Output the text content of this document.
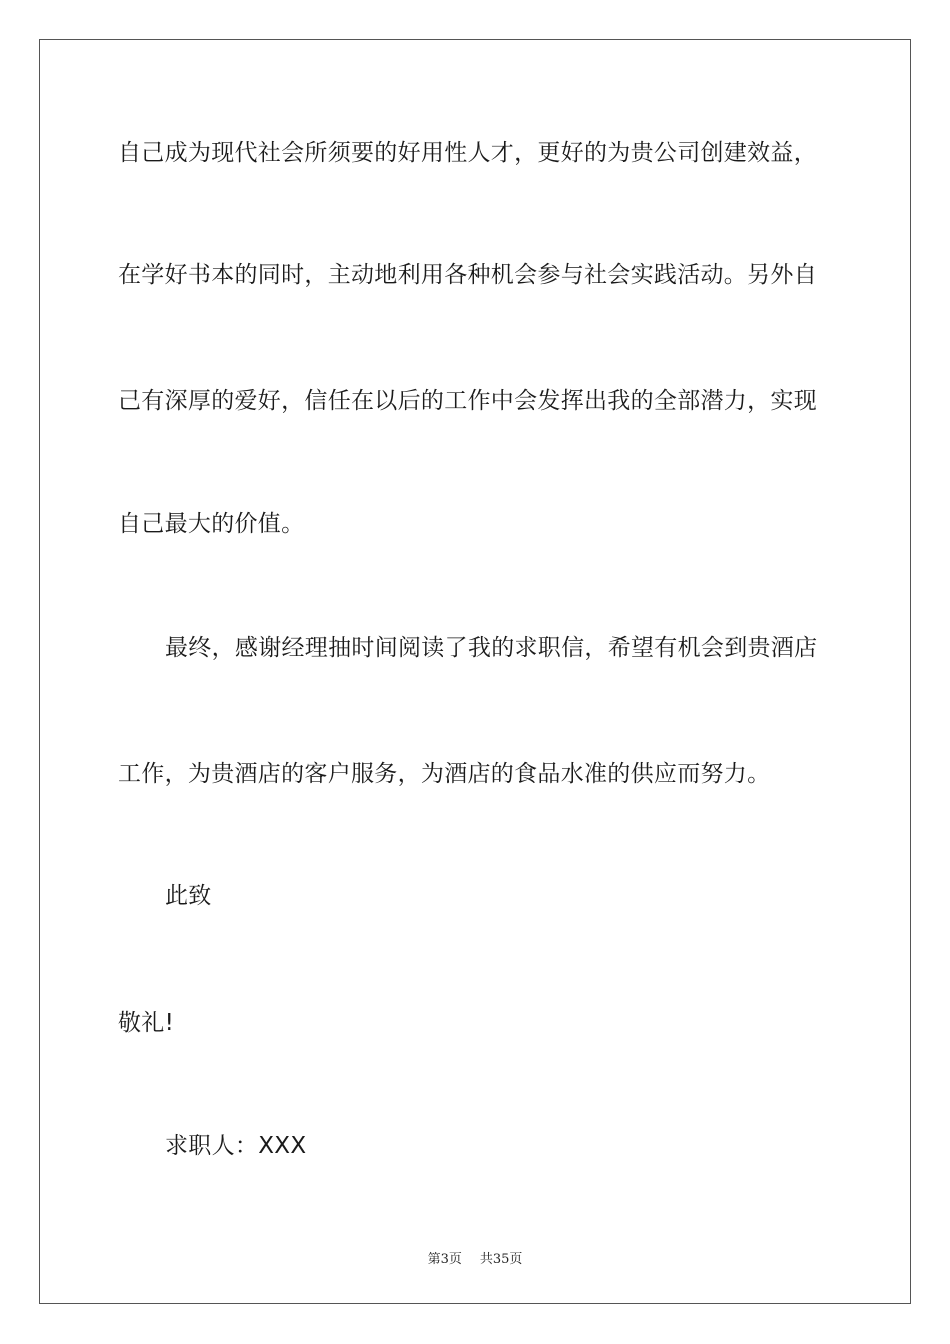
自己成为现代社会所须要的好用性人才，更好的为贵公司创建效益，
在学好书本的同时，主动地利用各种机会参与社会实践活动。另外自
己有深厚的爱好，信任在以后的工作中会发挥出我的全部潜力，实现
自己最大的价值。
最终，感谢经理抽时间阅读了我的求职信，希望有机会到贵酒店
工作，为贵酒店的客户服务，为酒店的食品水准的供应而努力。
此致
敬礼!
求职人：XXX
第3页 共35页
